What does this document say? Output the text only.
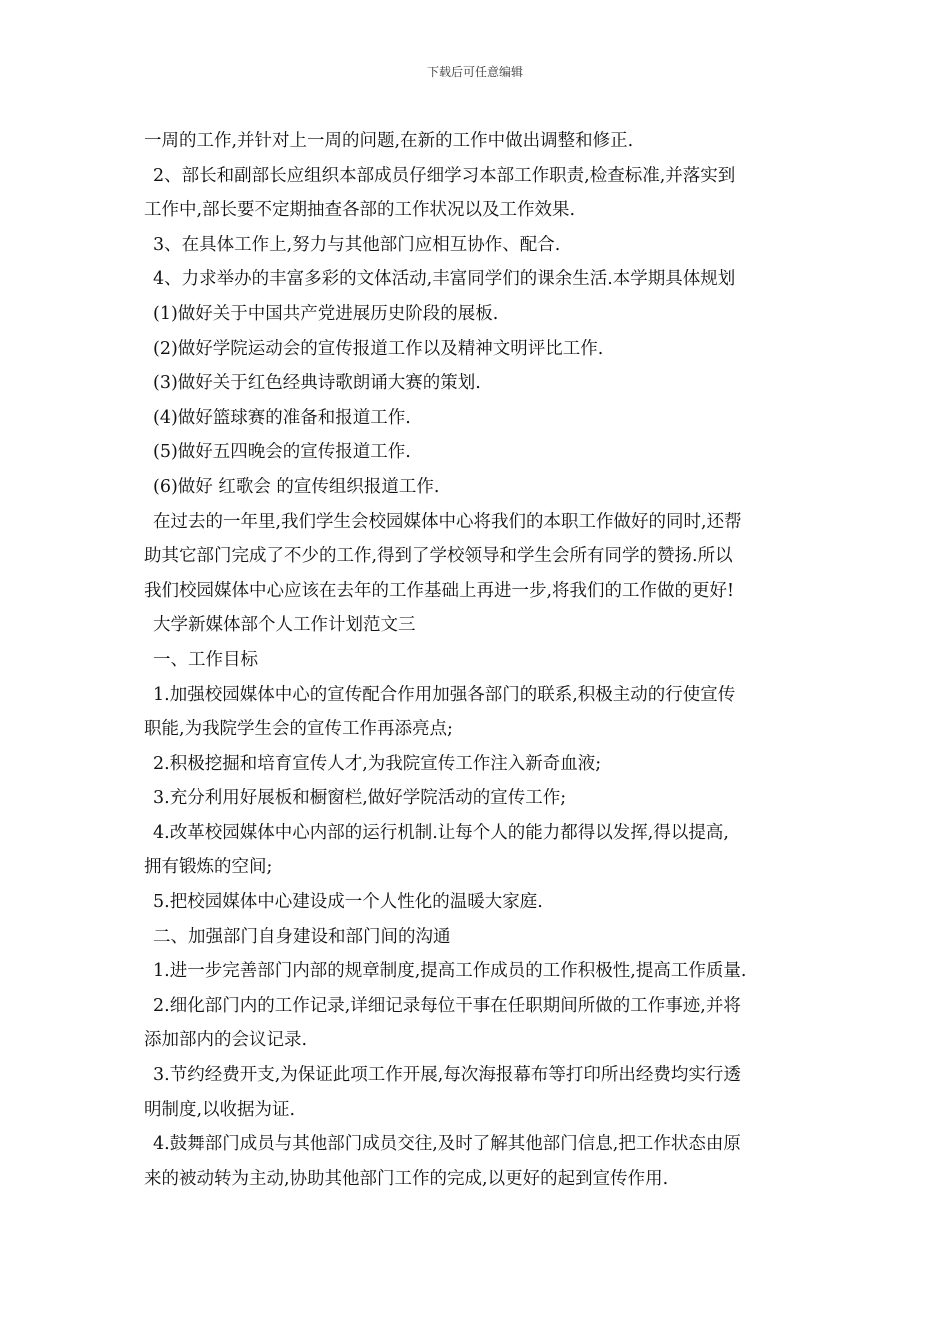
下载后可任意编辑
一周的工作,并针对上一周的问题,在新的工作中做出调整和修正.
2、部长和副部长应组织本部成员仔细学习本部工作职责,检查标准,并落实到
工作中,部长要不定期抽查各部的工作状况以及工作效果.
3、在具体工作上,努力与其他部门应相互协作、配合.
4、力求举办的丰富多彩的文体活动,丰富同学们的课余生活.本学期具体规划
(1)做好关于中国共产党进展历史阶段的展板.
(2)做好学院运动会的宣传报道工作以及精神文明评比工作.
(3)做好关于红色经典诗歌朗诵大赛的策划.
(4)做好篮球赛的准备和报道工作.
(5)做好五四晚会的宣传报道工作.
(6)做好 红歌会 的宣传组织报道工作.
在过去的一年里,我们学生会校园媒体中心将我们的本职工作做好的同时,还帮
助其它部门完成了不少的工作,得到了学校领导和学生会所有同学的赞扬.所以
我们校园媒体中心应该在去年的工作基础上再进一步,将我们的工作做的更好!
大学新媒体部个人工作计划范文三
一、工作目标
1.加强校园媒体中心的宣传配合作用加强各部门的联系,积极主动的行使宣传
职能,为我院学生会的宣传工作再添亮点;
2.积极挖掘和培育宣传人才,为我院宣传工作注入新奇血液;
3.充分利用好展板和橱窗栏,做好学院活动的宣传工作;
4.改革校园媒体中心内部的运行机制.让每个人的能力都得以发挥,得以提高,
拥有锻炼的空间;
5.把校园媒体中心建设成一个人性化的温暖大家庭.
二、加强部门自身建设和部门间的沟通
1.进一步完善部门内部的规章制度,提高工作成员的工作积极性,提高工作质量.
2.细化部门内的工作记录,详细记录每位干事在任职期间所做的工作事迹,并将
添加部内的会议记录.
3.节约经费开支,为保证此项工作开展,每次海报幕布等打印所出经费均实行透
明制度,以收据为证.
4.鼓舞部门成员与其他部门成员交往,及时了解其他部门信息,把工作状态由原
来的被动转为主动,协助其他部门工作的完成,以更好的起到宣传作用.
